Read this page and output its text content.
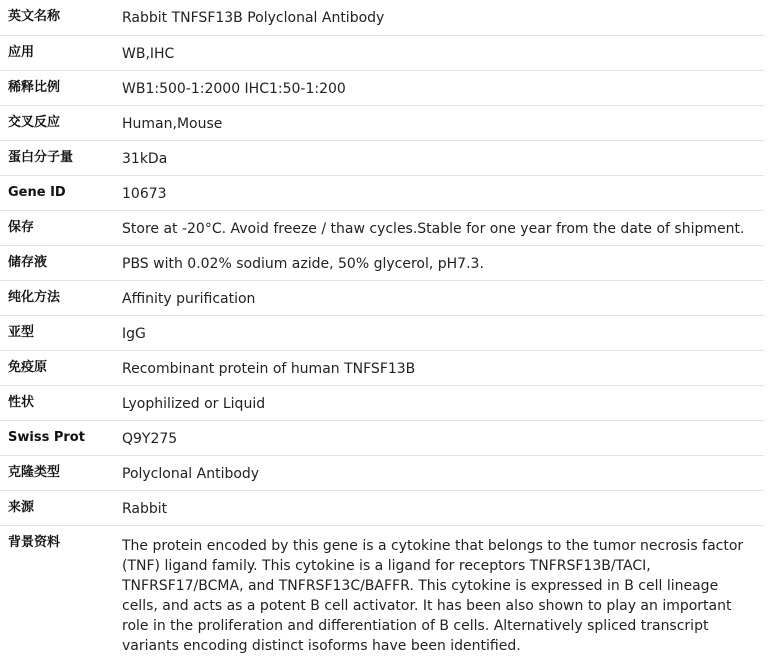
英文名称	Rabbit TNFSF13B Polyclonal Antibody
应用	WB,IHC
稀释比例	WB1:500-1:2000 IHC1:50-1:200
交叉反应	Human,Mouse
蛋白分子量	31kDa
Gene ID	10673
保存	Store at -20°C. Avoid freeze / thaw cycles.Stable for one year from the date of shipment.
储存液	PBS with 0.02% sodium azide, 50% glycerol, pH7.3.
纯化方法	Affinity purification
亚型	IgG
免疫原	Recombinant protein of human TNFSF13B
性状	Lyophilized or Liquid
Swiss Prot	Q9Y275
克隆类型	Polyclonal Antibody
来源	Rabbit
背景资料	The protein encoded by this gene is a cytokine that belongs to the tumor necrosis factor (TNF) ligand family. This cytokine is a ligand for receptors TNFRSF13B/TACI, TNFRSF17/BCMA, and TNFRSF13C/BAFFR. This cytokine is expressed in B cell lineage cells, and acts as a potent B cell activator. It has been also shown to play an important role in the proliferation and differentiation of B cells. Alternatively spliced transcript variants encoding distinct isoforms have been identified.
